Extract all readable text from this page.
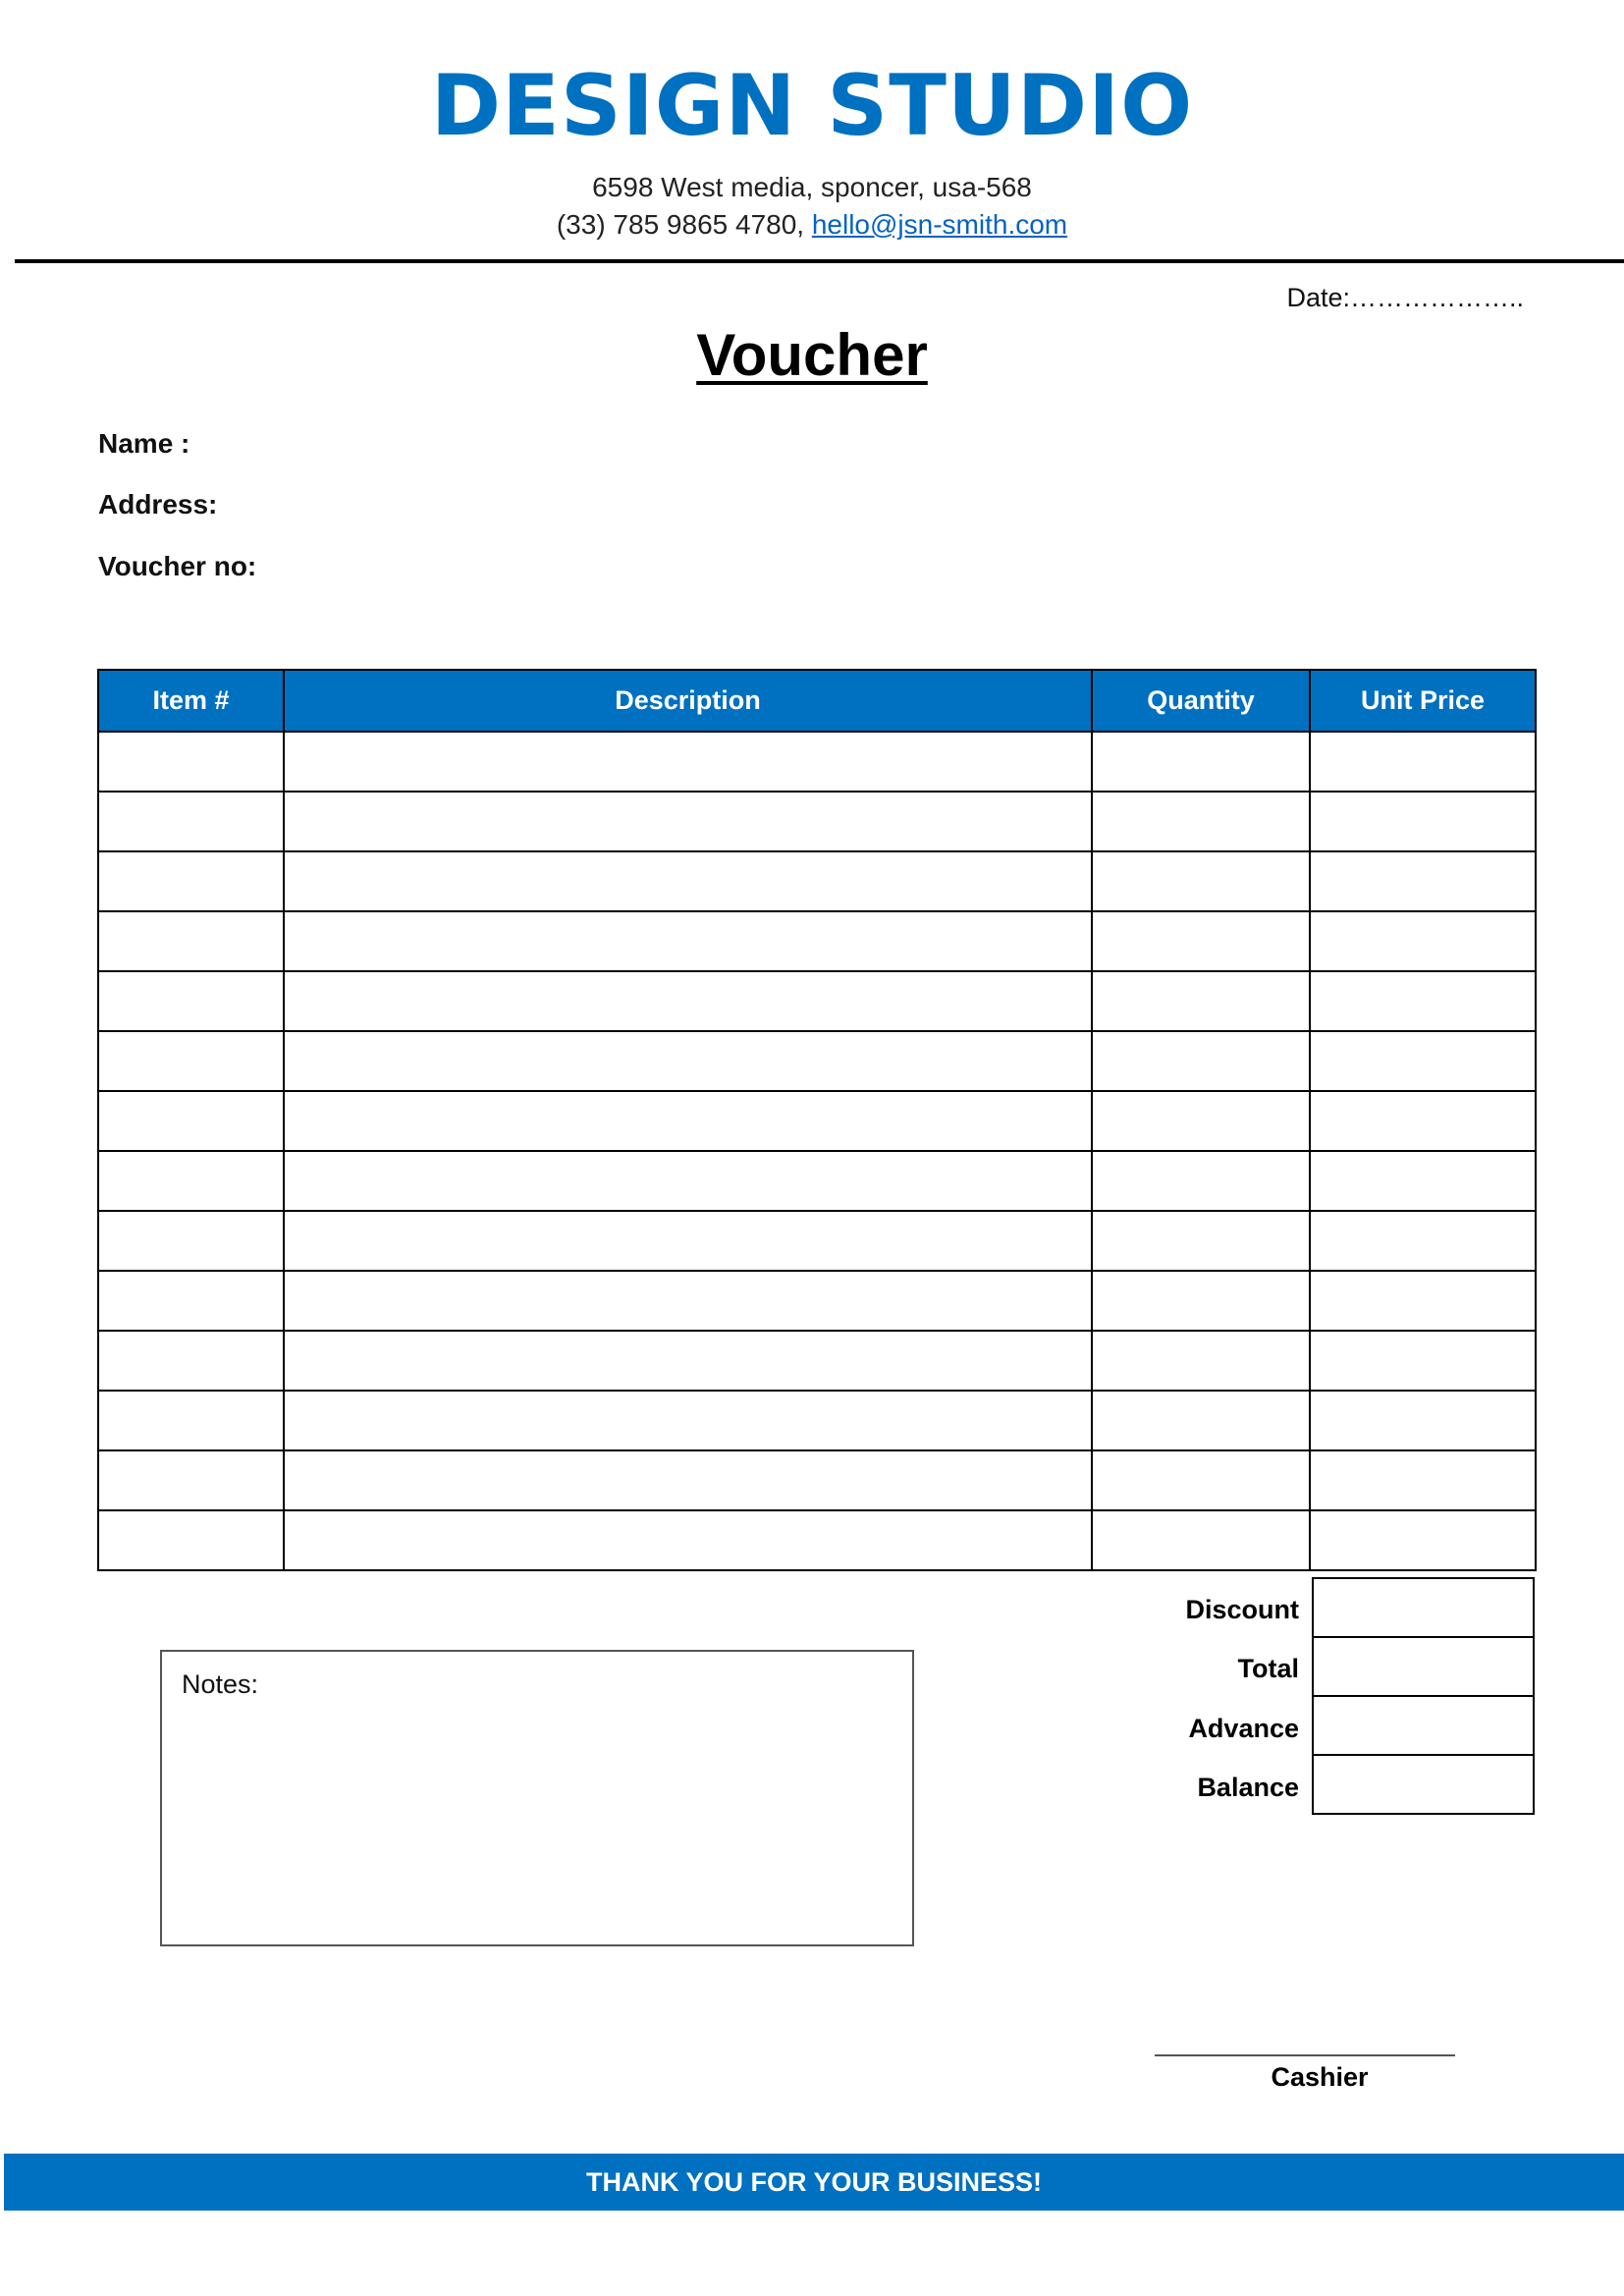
DESIGN STUDIO
6598 West media, sponcer, usa-568
(33) 785 9865 4780, hello@jsn-smith.com
Date:………………..
Voucher
Name :
Address:
Voucher no:
Item #	Description	Quantity	Unit Price

Discount
Total
Advance
Balance

Notes:
Cashier
THANK YOU FOR YOUR BUSINESS!
